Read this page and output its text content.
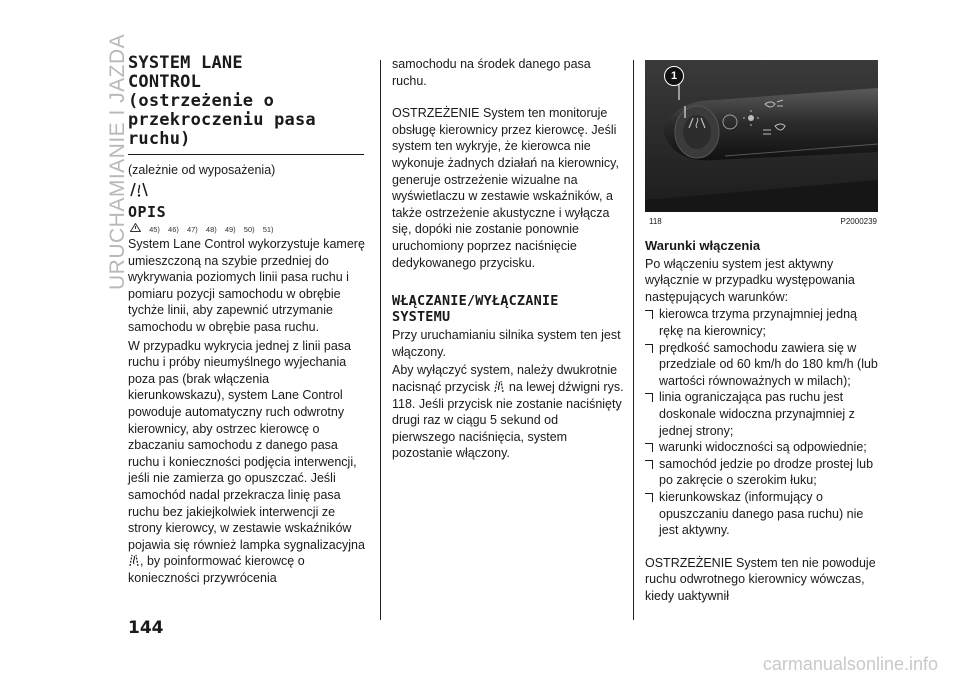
URUCHAMIANIE I JAZDA SYSTEM LANE
CONTROL
(ostrzeżenie o
przekroczeniu pasa
ruchu)
(zależnie od wyposażenia)
OPIS
45) 46) 47) 48) 49) 50) 51)

System Lane Control wykorzystuje kamerę umieszczoną na szybie przedniej do wykrywania poziomych linii pasa ruchu i pomiaru pozycji samochodu w obrębie tychże linii, aby zapewnić utrzymanie samochodu w obrębie pasa ruchu.

W przypadku wykrycia jednej z linii pasa ruchu i próby nieumyślnego wyjechania poza pas (brak włączenia kierunkowskazu), system Lane Control powoduje automatyczny ruch odwrotny kierownicy, aby ostrzec kierowcę o zbaczaniu samochodu z danego pasa ruchu i konieczności podjęcia interwencji, jeśli nie zamierza go opuszczać. Jeśli samochód nadal przekracza linię pasa ruchu bez jakiejkolwiek interwencji ze strony kierowcy, w zestawie wskaźników pojawia się również lampka sygnalizacyjna , by poinformować kierowcę o konieczności przywrócenia

144

samochodu na środek danego pasa ruchu.

OSTRZEŻENIE System ten monitoruje obsługę kierownicy przez kierowcę. Jeśli system ten wykryje, że kierowca nie wykonuje żadnych działań na kierownicy, generuje ostrzeżenie wizualne na wyświetlaczu w zestawie wskaźników, a także ostrzeżenie akustyczne i wyłącza się, dopóki nie zostanie ponownie uruchomiony poprzez naciśnięcie dedykowanego przycisku.

WŁĄCZANIE/WYŁĄCZANIE
SYSTEMU

Przy uruchamianiu silnika system ten jest włączony.

Aby wyłączyć system, należy dwukrotnie nacisnąć przycisk na lewej dźwigni rys. 118. Jeśli przycisk nie zostanie naciśnięty drugi raz w ciągu 5 sekund od pierwszego naciśnięcia, system pozostanie włączony.

1
118	P2000239
Warunki włączenia

Po włączeniu system jest aktywny wyłącznie w przypadku występowania następujących warunków:

kierowca trzyma przynajmniej jedną rękę na kierownicy;
prędkość samochodu zawiera się w przedziale od 60 km/h do 180 km/h (lub wartości równoważnych w milach);
linia ograniczająca pas ruchu jest doskonale widoczna przynajmniej z jednej strony;
warunki widoczności są odpowiednie;
samochód jedzie po drodze prostej lub po zakręcie o szerokim łuku;
kierunkowskaz (informujący o opuszczaniu danego pasa ruchu) nie jest aktywny.

OSTRZEŻENIE System ten nie powoduje ruchu odwrotnego kierownicy wówczas, kiedy uaktywnił

carmanualsonline.info
